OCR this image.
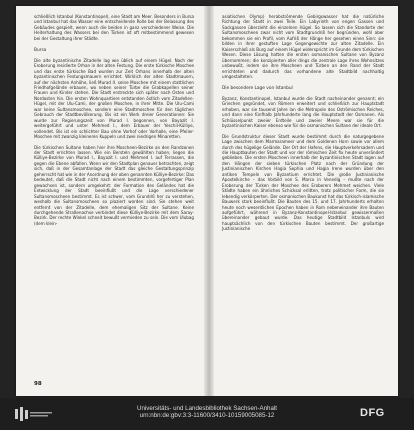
schließlich Istanbul (Konstantinopel), eine Stadt am Meer. Besonders in Bursa und Istanbul hat das Wasser eine entscheidende Rolle bei der Belassung des Gebäudes gespielt, wenn auch die beiden in ganz verschiedener Weise. Die Heiterhaltung des Wassers bei den Türken ist oft mitbestimmend gewesen bei der Gestaltung ihrer Städte.

Bursa

Die alte byzantinische Zitadelle lag wie üblich auf einem Hügel. Nach der Eroberung residierte Orhan in der alten Festung. Die erste türkische Moschee und das erste türkische Bad wurden zur Zeit Orhans innerhalb der alten byzantinischen Festungsmauern errichtet. Wirklich der alten Stadtmauern, auf der nächsten Anhöhe, ließ Murad II. seine Moschee mit einem stattlichen Friedhofgelände erbauen, wo neben seiner Türbe die Grabkapellen seiner Frauen und Kinder stehen. Die Stadt erstreckte sich später nach Osten und Nordosten hin. Die ersten Wohnquartiere entstanden östlich vom Zitadellen-Hügel, mit der Ulu-Cami, der großen Moschee, in ihrer Mitte. Die Ulu-Cami war keine Sultansmoschee, sondern eine Stadtmoschee für den täglichen Gebrauch der Stadtbevölkerung. Bis ist ein Werk dreier Generationen: Sie wurde zur Regierungszeit von Murad I. begonnen, von Bayazit I. weitergeführt und unter Mehmed I., dem Erbauer der Yeschil-Külliye, vollendet. Bis ist ein schlichter Bau ohne Vorhof oder Vorhalle, eine Pfeiler-Moschee mit zwanzig kleineren Kuppeln und zwei niedrigen Minaretten.

Die türkischen Sultane haben hier ihre Moscheen-Bezirke an den Randzonen der Stadt errichten lassen. Wie ein Bersteln gewählten haben, liegen die Külliye-Bezirke von Murad I., Bayazit I. und Mehmed I. auf Terrassen, die gegen die Ebene abfallen. Wenn wir den Stadtplan genauer betrachten, zeigt sich, daß in der Gesamtanlage der Stadt das gleiche Gestaltungsprinzip geherrscht hat wie in der Anordnung der oben genannten Külliye-Bezirke: Das bedeutet, daß die Stadt nicht nach einem bestimmten, vorgefertiger Plan gewachsen ist, sondern umgekehrt: der Formation des Geländes hat die Entwicklung der Stadt beeinflußt und die Lage verschiedener Sultansmoscheen bestimmt. Es ist schwer, vom Grundriß her zu verstehen, weshalb die Sultansmoscheen so plaziert worden sind. Sie stehen weit entfernt von der Zitadelle, dem ehemaligen Sitz der Sultane. Keine durchgehende Straßenachse verbindet diese Külliye-Bezirke mit dem Saray-Bezirk. Der rechte Winkel schneit bewußt vermieden zu sein. Die vom Ulubag (dem klein-

asiatischen Olymp) herabströmende Gebirgswasser hat die natürliche Richtung der Stadt in zwei Teile. Ein Labyrinth von engen Gassen und Sackgassen überzieht die einzelnen Hügel. So lassen sich die Standorte der Sultansmoscheen zwar nicht vom Stadtgrundriß her begründen, wohl aber bekommen sie ein Profil, vom Aufriß der Hänge her gesehen einen Sinn: sie bilden in ihrer gestuften Lage Gegengewichte zur alten Zitadelle. Ein Kaiserschloß als Burg auf einem Hügel widerspricht im Grunde dem türkischen Wesen. Diese Lösung hatten die ersten osmanischen Sultane von Byzanz übernommen; die konzipierten aller dings die zentrale Lage ihres Wohnsitzes unbewußt, indem sie ihre Moscheen und Türben an den Rand der Stadt errichteten und dadurch das vorhandene alte Stadtbild nachhaltig umgestalteten.

Die besondere Lage von Istanbul

Byzanz, Konstantinopel, Istanbul wurde die Stadt nacheinander genannt; ein Griechen gegründet, von Römern erweitert und schließlich zur Hauptstadt erhoben, war sie tausend Jahre lan die Metropole des Oströmischen Reiches, und dann eine fünfhalb Jahrhunderte lang die Hauptstadt der Osmanen. Als Schlüsselpunkt zweier Erdteile und zweier Meere war sie für die byzantinischen Kaiser ebenso wie für die osmanischen Sultane der ideale Ort.

Die Grundstruktur dieser Stadt wurde bestimmt durch die naturgegebene Lage zwischen dem Marmarameer und dem Goldenen Horn sowie vor allem durch des hügelige Gelände. Der Ort der Hafens, die Hauptverkehrsadern und die Hauptbauten der Stadt und vor der römischen Zeit fix heute unverändert geblieben. Die ersten Moscheen innerhalb der byzantinischen Stadt lagen auf den Hängen der sieben türkischen Platz nach der Gründung der Justinianischen Kirchen Hagia Sophia und Hagia Irene wurden über den antiken Tempeln von Byzantium errichtet. Die große Justinianische Apostelkirche – das Vorbild von S. Marco in Venedig – mußte nach der Eroberung der Türken der Moschee des Eroberers Mehmet weichen. Viele Städte haben ein ähnliches Schicksal erlitten, trotz politischer Form, die sie lebendig verkörperten. Der osmanischen Baukunst hat das türkisch-islamische Bauwerk stark beeinflußt. Die Bauten des 15. und 17. Jahrhunderts erhalten heute noch wesentlichen Epochen haben in Rom nebeneinander ihre Bauten aufgeführt, während in Byzanz-Konstantinopel-Istanbul gewissermaßen übereinander gebaut wurde. Das heutige Stadtbild Istanbuls wird hauptsächlich von den türkischen Bauten bestimmt. Der großartige Justinianische

98
Universitäts- und Landesbibliothek Sachsen-Anhalt
urn:nbn:de:gbv:3:3-11600/3410-10159005085-12	DFG
